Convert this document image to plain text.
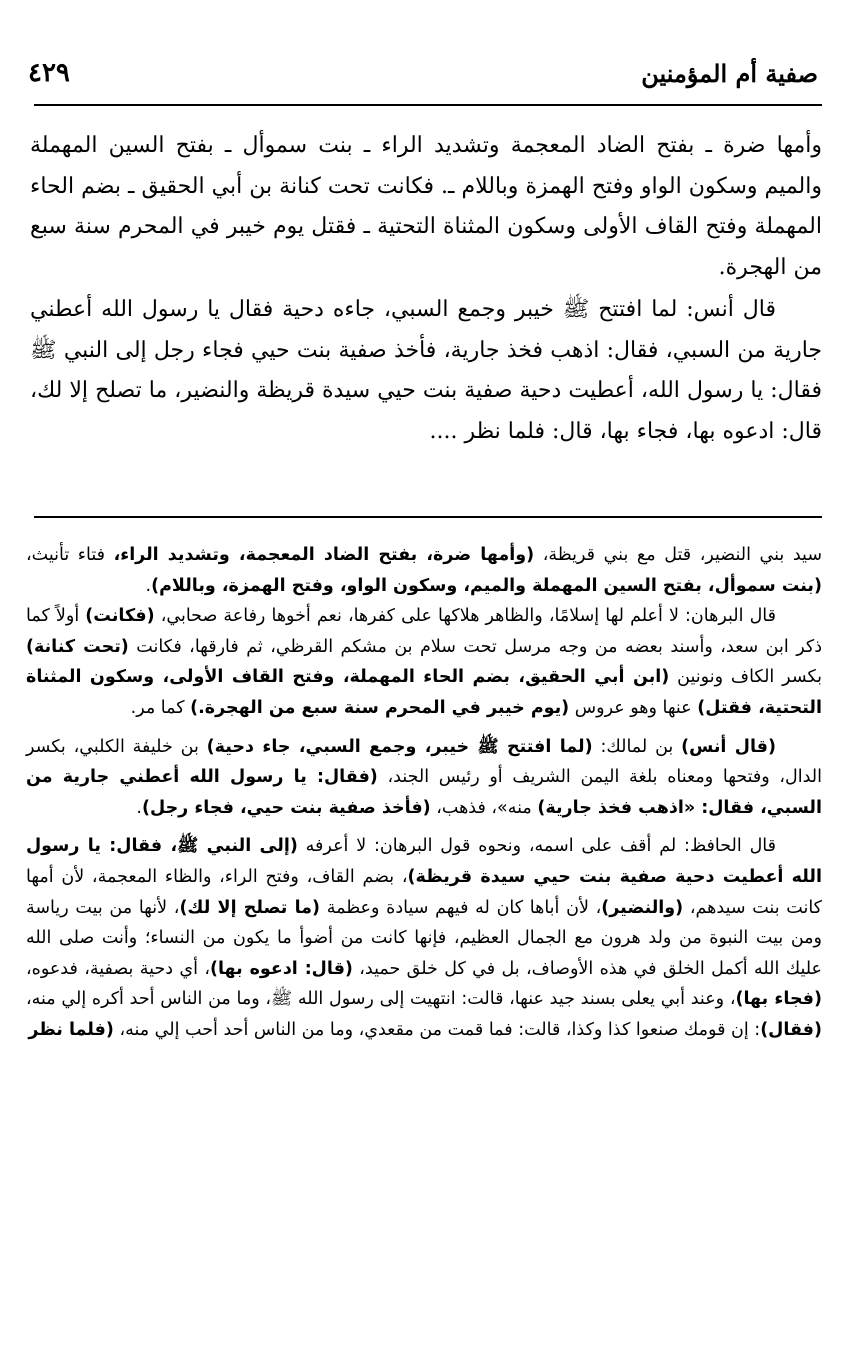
صفية أم المؤمنين
٤٢٩

وأمها ضرة ـ بفتح الضاد المعجمة وتشديد الراء ـ بنت سموأل ـ بفتح السين المهملة والميم وسكون الواو وفتح الهمزة وباللام ـ. فكانت تحت كنانة بن أبي الحقيق ـ بضم الحاء المهملة وفتح القاف الأولى وسكون المثناة التحتية ـ فقتل يوم خيبر في المحرم سنة سبع من الهجرة.

قال أنس: لما افتتح ﷺ خيبر وجمع السبي، جاءه دحية فقال يا رسول الله أعطني جارية من السبي، فقال: اذهب فخذ جارية، فأخذ صفية بنت حيي فجاء رجل إلى النبي ﷺ فقال: يا رسول الله، أعطيت دحية صفية بنت حيي سيدة قريظة والنضير، ما تصلح إلا لك، قال: ادعوه بها، فجاء بها، قال: فلما نظر ....

سيد بني النضير، قتل مع بني قريظة، (وأمها ضرة، بفتح الضاد المعجمة، وتشديد الراء، فتاء تأنيث، (بنت سموأل، بفتح السين المهملة والميم، وسكون الواو، وفتح الهمزة، وباللام).

قال البرهان: لا أعلم لها إسلامًا، والظاهر هلاكها على كفرها، نعم أخوها رفاعة صحابي، (فكانت) أولاً كما ذكر ابن سعد، وأسند بعضه من وجه مرسل تحت سلام بن مشكم القرظي، ثم فارقها، فكانت (تحت كنانة) بكسر الكاف ونونين (ابن أبي الحقيق، بضم الحاء المهملة، وفتح القاف الأولى، وسكون المثناة التحتية، فقتل) عنها وهو عروس (يوم خيبر في المحرم سنة سبع من الهجرة.) كما مر.

(قال أنس) بن لمالك: (لما افتتح ﷺ خيبر، وجمع السبي، جاء دحية) بن خليفة الكلبي، بكسر الدال، وفتحها ومعناه بلغة اليمن الشريف أو رئيس الجند، (فقال: يا رسول الله أعطني جارية من السبي، فقال: «اذهب فخذ جارية) منه»، فذهب، (فأخذ صفية بنت حيي، فجاء رجل).

قال الحافظ: لم أقف على اسمه، ونحوه قول البرهان: لا أعرفه (إلى النبي ﷺ، فقال: يا رسول الله أعطيت دحية صفية بنت حيي سيدة قريظة)، بضم القاف، وفتح الراء، والظاء المعجمة، لأن أمها كانت بنت سيدهم، (والنضير)، لأن أباها كان له فيهم سيادة وعظمة (ما تصلح إلا لك)، لأنها من بيت رياسة ومن بيت النبوة من ولد هرون مع الجمال العظيم، فإنها كانت من أضوأ ما يكون من النساء؛ وأنت صلى الله عليك الله أكمل الخلق في هذه الأوصاف، بل في كل خلق حميد، (قال: ادعوه بها)، أي دحية بصفية، فدعوه، (فجاء بها)، وعند أبي يعلى بسند جيد عنها، قالت: انتهيت إلى رسول الله ﷺ، وما من الناس أحد أكره إلي منه، (فقال): إن قومك صنعوا كذا وكذا، قالت: فما قمت من مقعدي، وما من الناس أحد أحب إلي منه، (فلما نظر
